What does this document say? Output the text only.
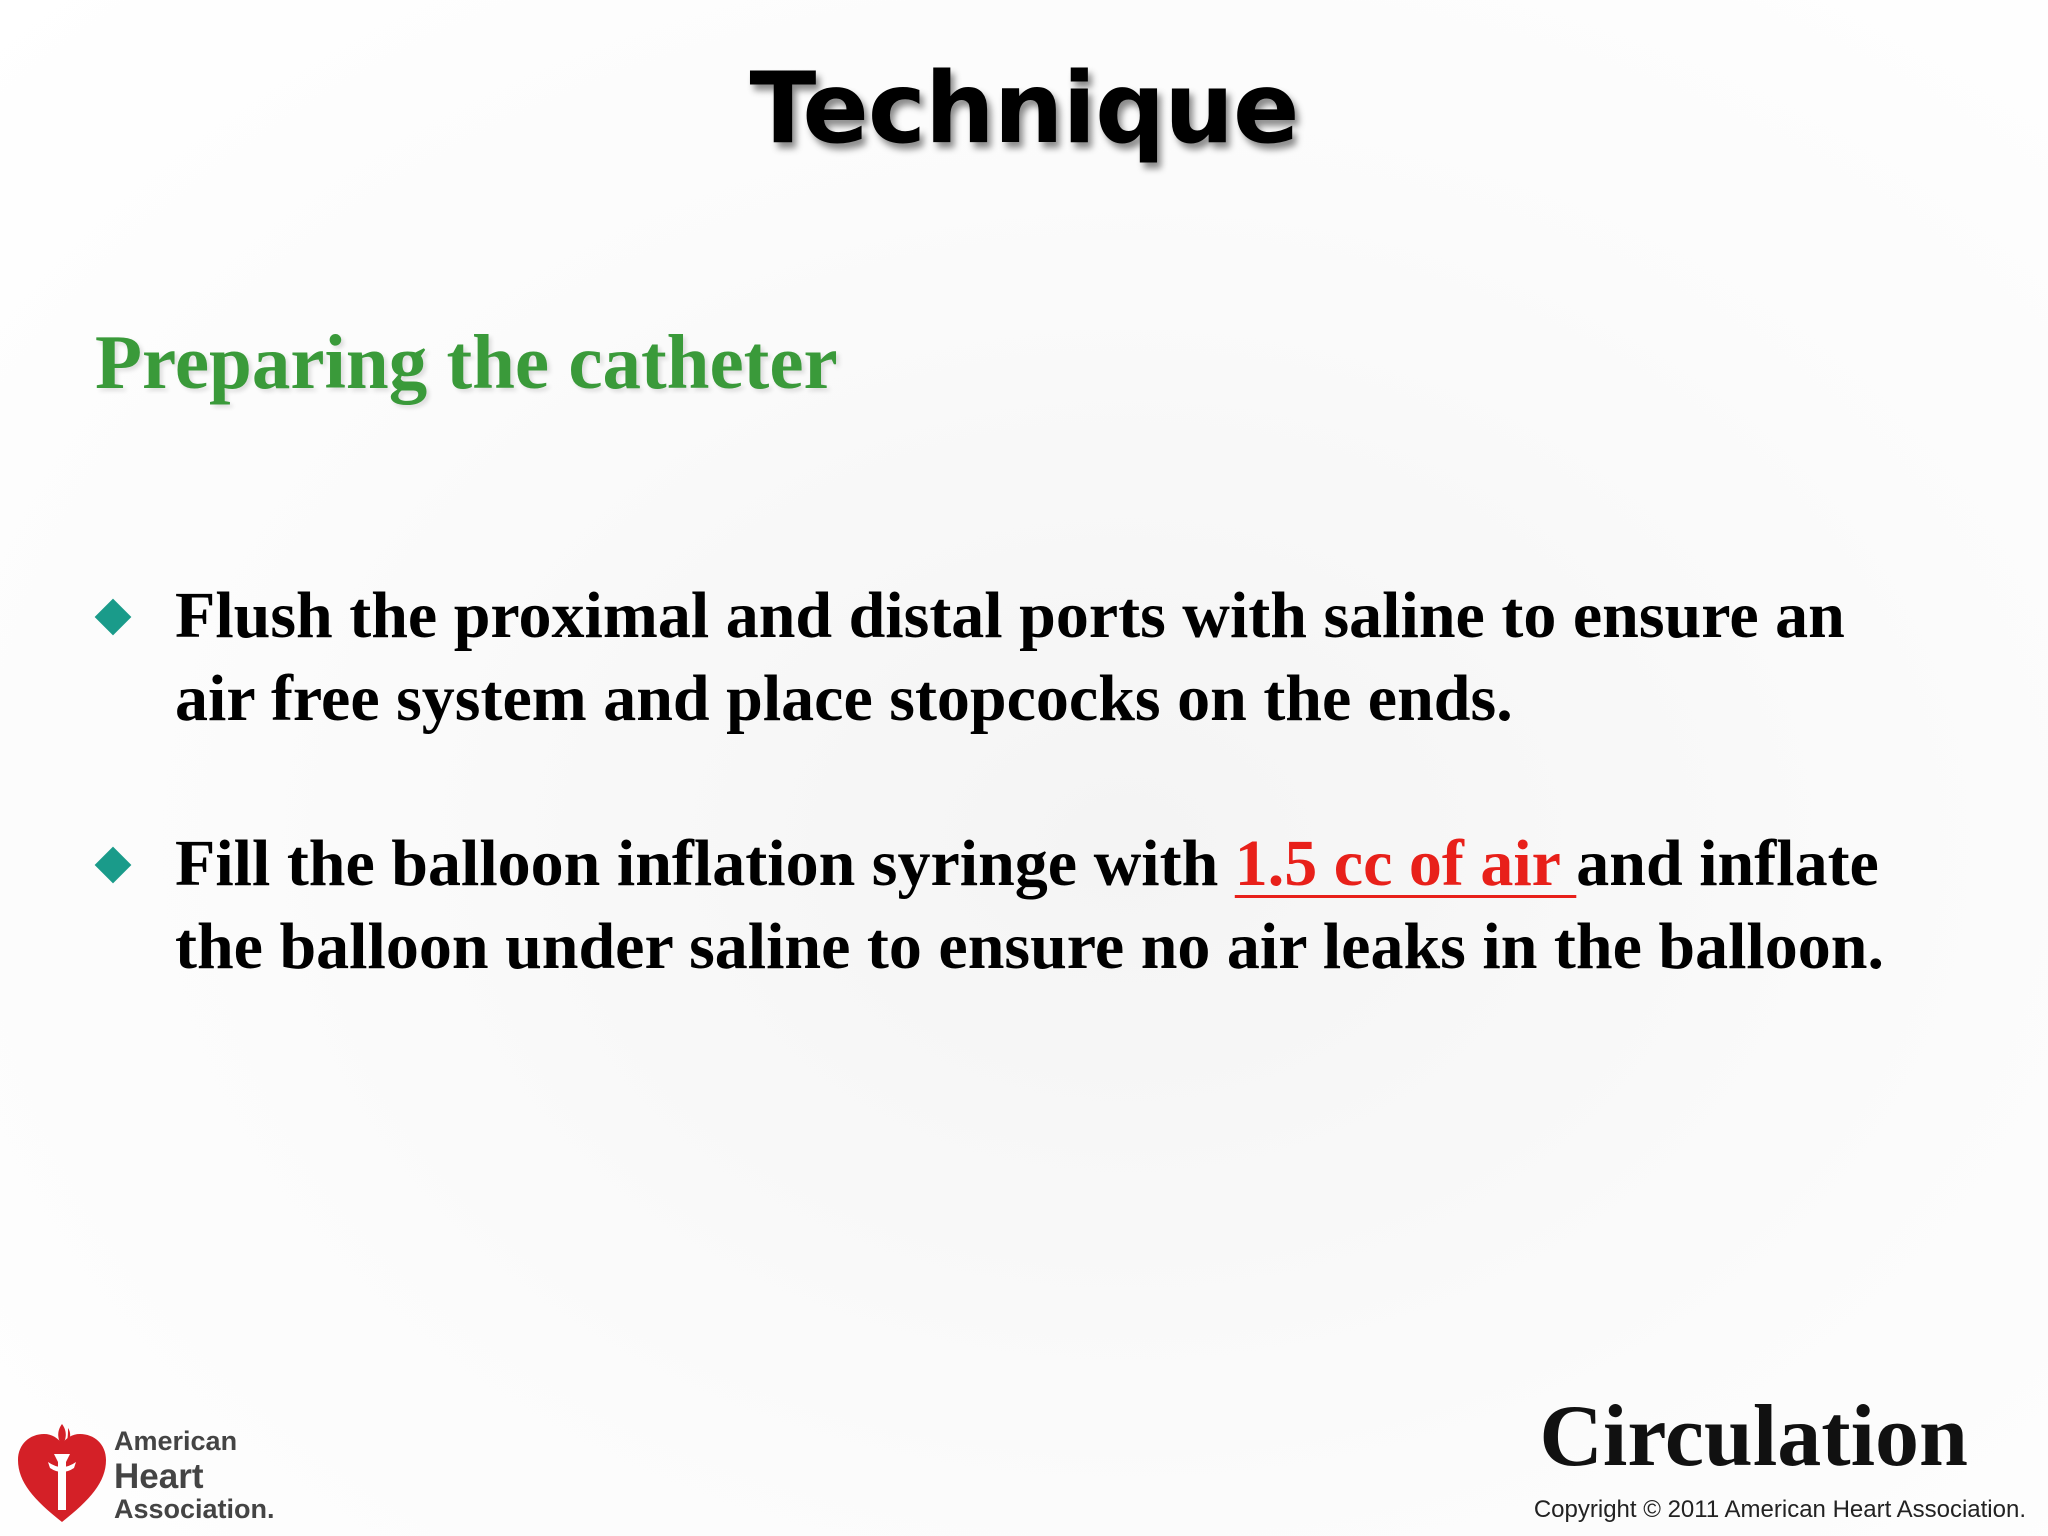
Technique
Preparing the catheter
Flush the proximal and distal ports with saline to ensure an
air free system and place stopcocks on the ends.
Fill the balloon inflation syringe with 1.5 cc of air and inflate
the balloon under saline to ensure no air leaks in the balloon.
American
Heart
Association.
Circulation
Copyright © 2011 American Heart Association.
